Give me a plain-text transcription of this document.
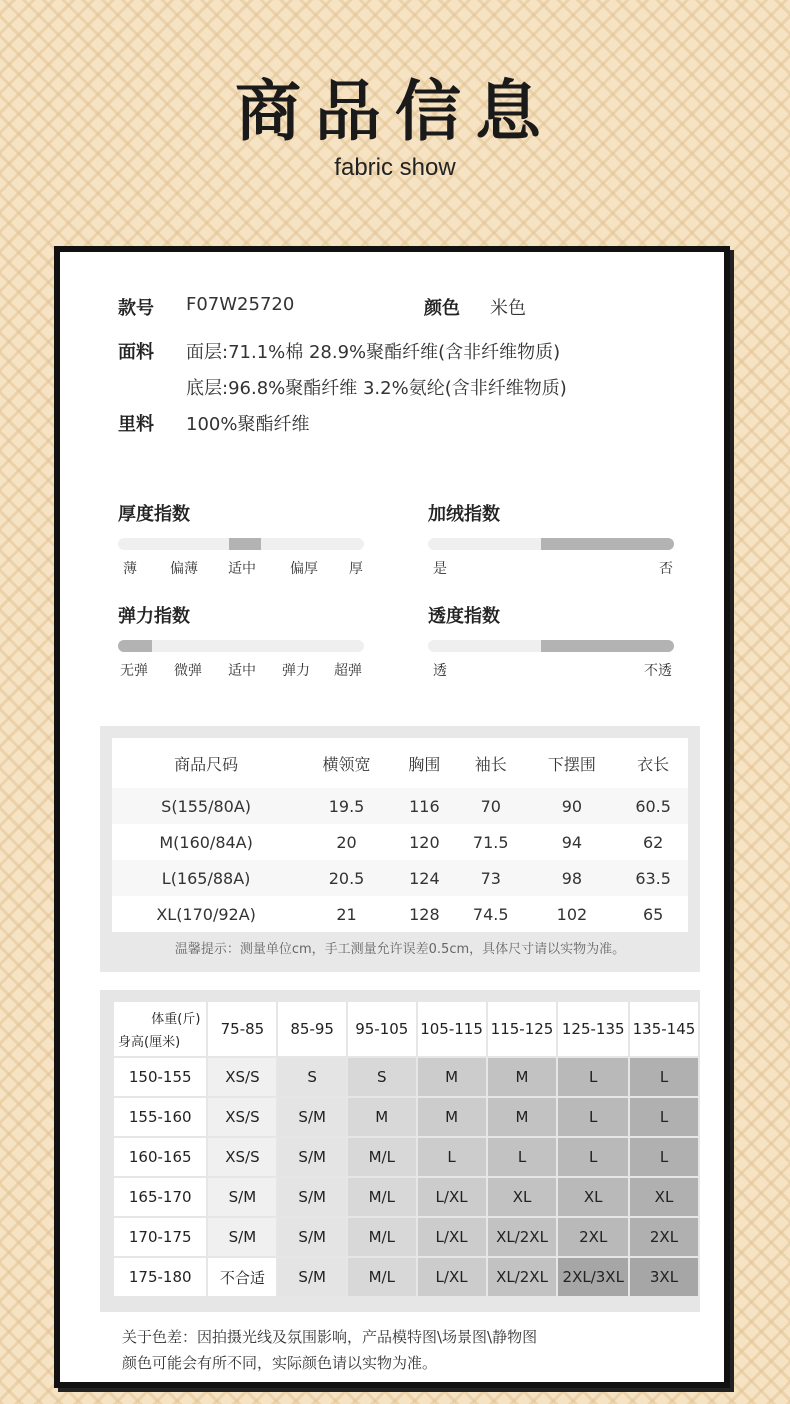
商品信息
fabric show
款号 F07W25720	颜色 米色
面料 面层:71.1%棉 28.9%聚酯纤维(含非纤维物质)
底层:96.8%聚酯纤维 3.2%氨纶(含非纤维物质)
里料 100%聚酯纤维
厚度指数
薄 偏薄 适中 偏厚 厚
加绒指数
是	否
弹力指数
无弹 微弹 适中 弹力 超弹
透度指数
透	不透
商品尺码	横领宽	胸围	袖长	下摆围	衣长
S(155/80A)	19.5	116	70	90	60.5
M(160/84A)	20	120	71.5	94	62
L(165/88A)	20.5	124	73	98	63.5
XL(170/92A)	21	128	74.5	102	65
温馨提示：测量单位cm，手工测量允许误差0.5cm，具体尺寸请以实物为准。
体重(斤)
身高(厘米)	75-85	85-95	95-105	105-115	115-125	125-135	135-145
150-155	XS/S	S	S	M	M	L	L
155-160	XS/S	S/M	M	M	M	L	L
160-165	XS/S	S/M	M/L	L	L	L	L
165-170	S/M	S/M	M/L	L/XL	XL	XL	XL
170-175	S/M	S/M	M/L	L/XL	XL/2XL	2XL	2XL
175-180	不合适	S/M	M/L	L/XL	XL/2XL	2XL/3XL	3XL
关于色差：因拍摄光线及氛围影响，产品模特图\场景图\静物图
颜色可能会有所不同，实际颜色请以实物为准。
